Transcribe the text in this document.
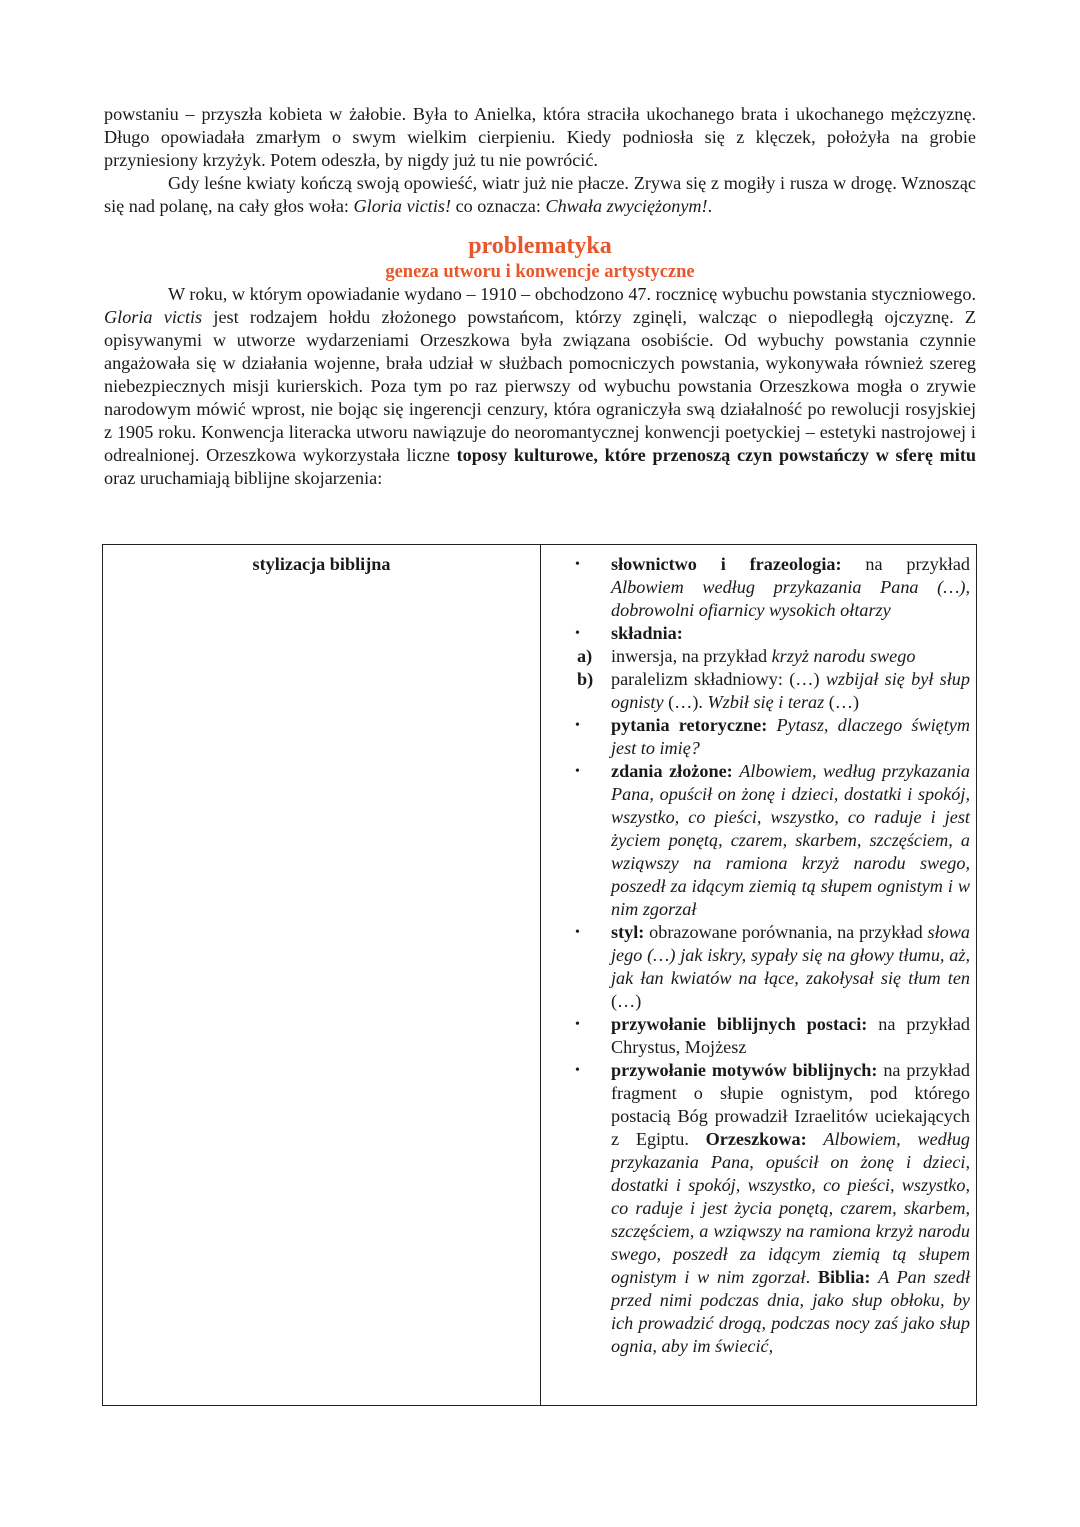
powstaniu – przyszła kobieta w żałobie. Była to Anielka, która straciła ukochanego brata i ukochanego mężczyznę. Długo opowiadała zmarłym o swym wielkim cierpieniu. Kiedy podniosła się z klęczek, położyła na grobie przyniesiony krzyżyk. Potem odeszła, by nigdy już tu nie powrócić.

Gdy leśne kwiaty kończą swoją opowieść, wiatr już nie płacze. Zrywa się z mogiły i rusza w drogę. Wznosząc się nad polanę, na cały głos woła: Gloria victis! co oznacza: Chwała zwyciężonym!.

problematyka
geneza utworu i konwencje artystyczne

W roku, w którym opowiadanie wydano – 1910 – obchodzono 47. rocznicę wybuchu powstania styczniowego. Gloria victis jest rodzajem hołdu złożonego powstańcom, którzy zginęli, walcząc o niepodległą ojczyznę. Z opisywanymi w utworze wydarzeniami Orzeszkowa była związana osobiście. Od wybuchy powstania czynnie angażowała się w działania wojenne, brała udział w służbach pomocniczych powstania, wykonywała również szereg niebezpiecznych misji kurierskich. Poza tym po raz pierwszy od wybuchu powstania Orzeszkowa mogła o zrywie narodowym mówić wprost, nie bojąc się ingerencji cenzury, która ograniczyła swą działalność po rewolucji rosyjskiej z 1905 roku. Konwencja literacka utworu nawiązuje do neoromantycznej konwencji poetyckiej – estetyki nastrojowej i odrealnionej. Orzeszkowa wykorzystała liczne toposy kulturowe, które przenoszą czyn powstańczy w sferę mitu oraz uruchamiają biblijne skojarzenia:

stylizacja biblijna	•	słownictwo i frazeologia: na przykład Albowiem według przykazania Pana (…), dobrowolni ofiarnicy wysokich ołtarzy
•	składnia:
a)	inwersja, na przykład krzyż narodu swego
b) paralelizm składniowy: (…) wzbijał się był słup ognisty (…). Wzbił się i teraz (…)
•	pytania retoryczne: Pytasz, dlaczego świętym jest to imię?
•	zdania złożone: Albowiem, według przykazania Pana, opuścił on żonę i dzieci, dostatki i spokój, wszystko, co pieści, wszystko, co raduje i jest życiem ponętą, czarem, skarbem, szczęściem, a wziąwszy na ramiona krzyż narodu swego, poszedł za idącym ziemią tą słupem ognistym i w nim zgorzał
•	styl: obrazowane porównania, na przykład słowa jego (…) jak iskry, sypały się na głowy tłumu, aż, jak łan kwiatów na łące, zakołysał się tłum ten (…)
•	przywołanie biblijnych postaci: na przykład Chrystus, Mojżesz
•	przywołanie motywów biblijnych: na przykład fragment o słupie ognistym, pod którego postacią Bóg prowadził Izraelitów uciekających z Egiptu. Orzeszkowa: Albowiem, według przykazania Pana, opuścił on żonę i dzieci, dostatki i spokój, wszystko, co pieści, wszystko, co raduje i jest życia ponętą, czarem, skarbem, szczęściem, a wziąwszy na ramiona krzyż narodu swego, poszedł za idącym ziemią tą słupem ognistym i w nim zgorzał. Biblia: A Pan szedł przed nimi podczas dnia, jako słup obłoku, by ich prowadzić drogą, podczas nocy zaś jako słup ognia, aby im świecić,
